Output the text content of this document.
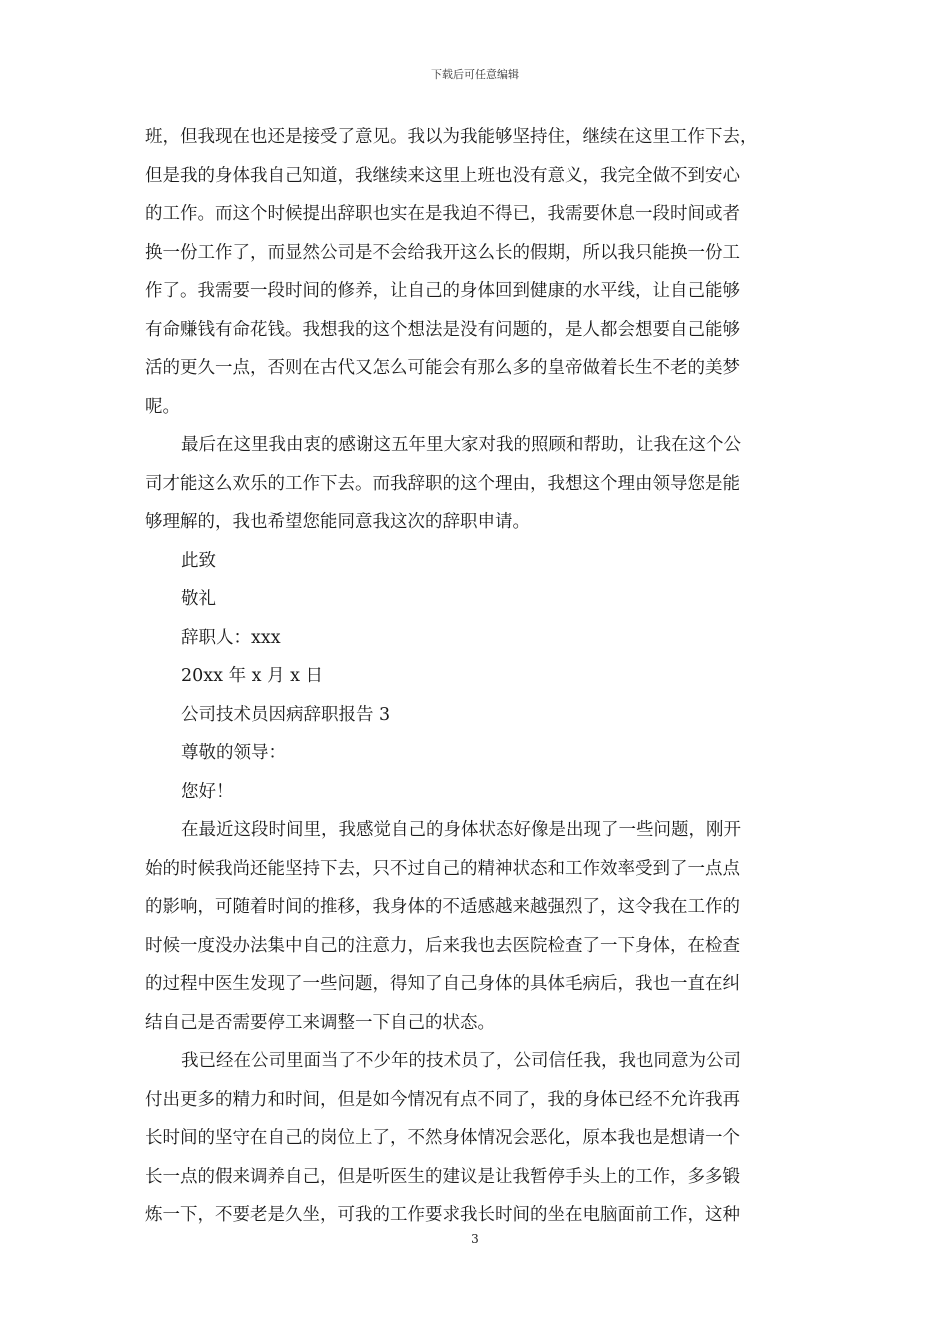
下载后可任意编辑
班，但我现在也还是接受了意见。我以为我能够坚持住，继续在这里工作下去，
但是我的身体我自己知道，我继续来这里上班也没有意义，我完全做不到安心
的工作。而这个时候提出辞职也实在是我迫不得已，我需要休息一段时间或者
换一份工作了，而显然公司是不会给我开这么长的假期，所以我只能换一份工
作了。我需要一段时间的修养，让自己的身体回到健康的水平线，让自己能够
有命赚钱有命花钱。我想我的这个想法是没有问题的，是人都会想要自己能够
活的更久一点，否则在古代又怎么可能会有那么多的皇帝做着长生不老的美梦
呢。
最后在这里我由衷的感谢这五年里大家对我的照顾和帮助，让我在这个公
司才能这么欢乐的工作下去。而我辞职的这个理由，我想这个理由领导您是能
够理解的，我也希望您能同意我这次的辞职申请。
此致
敬礼
辞职人：xxx
20xx 年 x 月 x 日
公司技术员因病辞职报告 3
尊敬的领导：
您好！
在最近这段时间里，我感觉自己的身体状态好像是出现了一些问题，刚开
始的时候我尚还能坚持下去，只不过自己的精神状态和工作效率受到了一点点
的影响，可随着时间的推移，我身体的不适感越来越强烈了，这令我在工作的
时候一度没办法集中自己的注意力，后来我也去医院检查了一下身体，在检查
的过程中医生发现了一些问题，得知了自己身体的具体毛病后，我也一直在纠
结自己是否需要停工来调整一下自己的状态。
我已经在公司里面当了不少年的技术员了，公司信任我，我也同意为公司
付出更多的精力和时间，但是如今情况有点不同了，我的身体已经不允许我再
长时间的坚守在自己的岗位上了，不然身体情况会恶化，原本我也是想请一个
长一点的假来调养自己，但是听医生的建议是让我暂停手头上的工作，多多锻
炼一下，不要老是久坐，可我的工作要求我长时间的坐在电脑面前工作，这种
3
